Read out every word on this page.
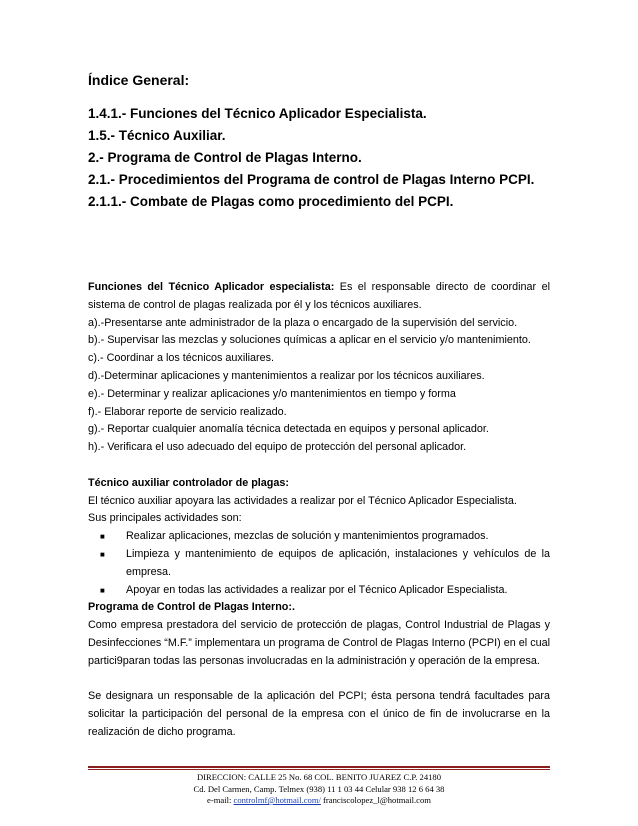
Índice General:
1.4.1.- Funciones del Técnico Aplicador Especialista.
1.5.- Técnico Auxiliar.
2.- Programa de Control de Plagas Interno.
2.1.- Procedimientos del Programa de control de Plagas Interno PCPI.
2.1.1.- Combate de Plagas como procedimiento del PCPI.

Funciones del Técnico Aplicador especialista: Es el responsable directo de coordinar el sistema de control de plagas realizada por él y los técnicos auxiliares.

a).-Presentarse ante administrador de la plaza o encargado de la supervisión del servicio.

b).- Supervisar las mezclas y soluciones químicas a aplicar en el servicio y/o mantenimiento.

c).- Coordinar a los técnicos auxiliares.

d).-Determinar aplicaciones y mantenimientos a realizar por los técnicos auxiliares.

e).- Determinar y realizar aplicaciones y/o mantenimientos en tiempo y forma

f).- Elaborar reporte de servicio realizado.

g).- Reportar cualquier anomalía técnica detectada en equipos y personal aplicador.

h).- Verificara el uso adecuado del equipo de protección del personal aplicador.

Técnico auxiliar controlador de plagas:

El técnico auxiliar apoyara las actividades a realizar por el Técnico Aplicador Especialista.

Sus principales actividades son:

■ Realizar aplicaciones, mezclas de solución y mantenimientos programados.
■ Limpieza y mantenimiento de equipos de aplicación, instalaciones y vehículos de la empresa.
■ Apoyar en todas las actividades a realizar por el Técnico Aplicador Especialista.

Programa de Control de Plagas Interno:.

Como empresa prestadora del servicio de protección de plagas, Control Industrial de Plagas y Desinfecciones “M.F.” implementara un programa de Control de Plagas Interno (PCPI) en el cual partici9paran todas las personas involucradas en la administración y operación de la empresa.

Se designara un responsable de la aplicación del PCPI; ésta persona tendrá facultades para solicitar la participación del personal de la empresa con el único de fin de involucrarse en la realización de dicho programa.

DIRECCION: CALLE 25 No. 68 COL. BENITO JUAREZ C.P. 24180
Cd. Del Carmen, Camp. Telmex (938) 11 1 03 44 Celular 938 12 6 64 38
e-mail: controlmf@hotmail.com/ franciscolopez_l@hotmail.com
